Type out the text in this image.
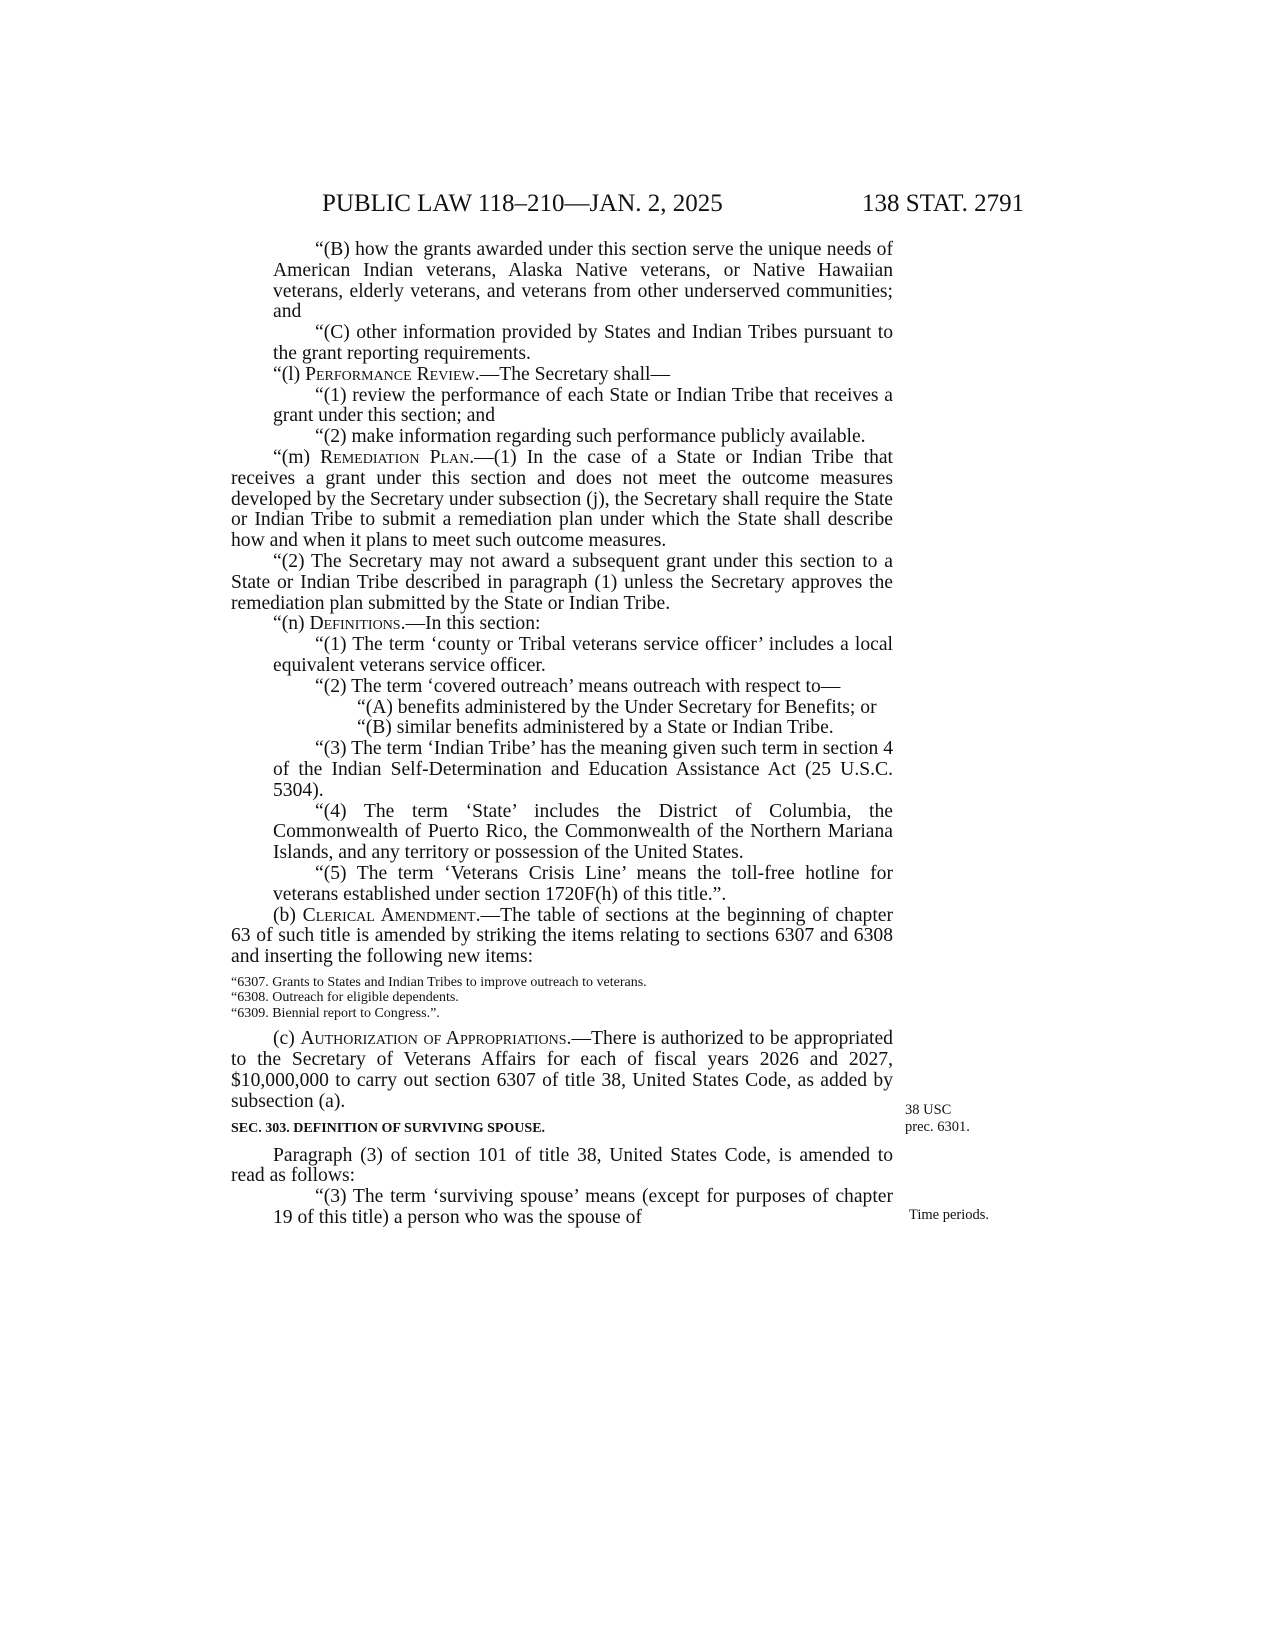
PUBLIC LAW 118–210—JAN. 2, 2025	138 STAT. 2791

“(B) how the grants awarded under this section serve the unique needs of American Indian veterans, Alaska Native veterans, or Native Hawaiian veterans, elderly veterans, and veterans from other underserved communities; and

“(C) other information provided by States and Indian Tribes pursuant to the grant reporting requirements.

“(l) Performance Review.—The Secretary shall—

“(1) review the performance of each State or Indian Tribe that receives a grant under this section; and

“(2) make information regarding such performance publicly available.

“(m) Remediation Plan.—(1) In the case of a State or Indian Tribe that receives a grant under this section and does not meet the outcome measures developed by the Secretary under subsection (j), the Secretary shall require the State or Indian Tribe to submit a remediation plan under which the State shall describe how and when it plans to meet such outcome measures.

“(2) The Secretary may not award a subsequent grant under this section to a State or Indian Tribe described in paragraph (1) unless the Secretary approves the remediation plan submitted by the State or Indian Tribe.

“(n) Definitions.—In this section:

“(1) The term ‘county or Tribal veterans service officer’ includes a local equivalent veterans service officer.

“(2) The term ‘covered outreach’ means outreach with respect to—

“(A) benefits administered by the Under Secretary for Benefits; or

“(B) similar benefits administered by a State or Indian Tribe.

“(3) The term ‘Indian Tribe’ has the meaning given such term in section 4 of the Indian Self-Determination and Education Assistance Act (25 U.S.C. 5304).

“(4) The term ‘State’ includes the District of Columbia, the Commonwealth of Puerto Rico, the Commonwealth of the Northern Mariana Islands, and any territory or possession of the United States.

“(5) The term ‘Veterans Crisis Line’ means the toll-free hotline for veterans established under section 1720F(h) of this title.”.

(b) Clerical Amendment.—The table of sections at the beginning of chapter 63 of such title is amended by striking the items relating to sections 6307 and 6308 and inserting the following new items:

“6307. Grants to States and Indian Tribes to improve outreach to veterans.
“6308. Outreach for eligible dependents.
“6309. Biennial report to Congress.”.

(c) Authorization of Appropriations.—There is authorized to be appropriated to the Secretary of Veterans Affairs for each of fiscal years 2026 and 2027, $10,000,000 to carry out section 6307 of title 38, United States Code, as added by subsection (a).

SEC. 303. DEFINITION OF SURVIVING SPOUSE.

Paragraph (3) of section 101 of title 38, United States Code, is amended to read as follows:

“(3) The term ‘surviving spouse’ means (except for purposes of chapter 19 of this title) a person who was the spouse of

38 USC
prec. 6301.
Time periods.
